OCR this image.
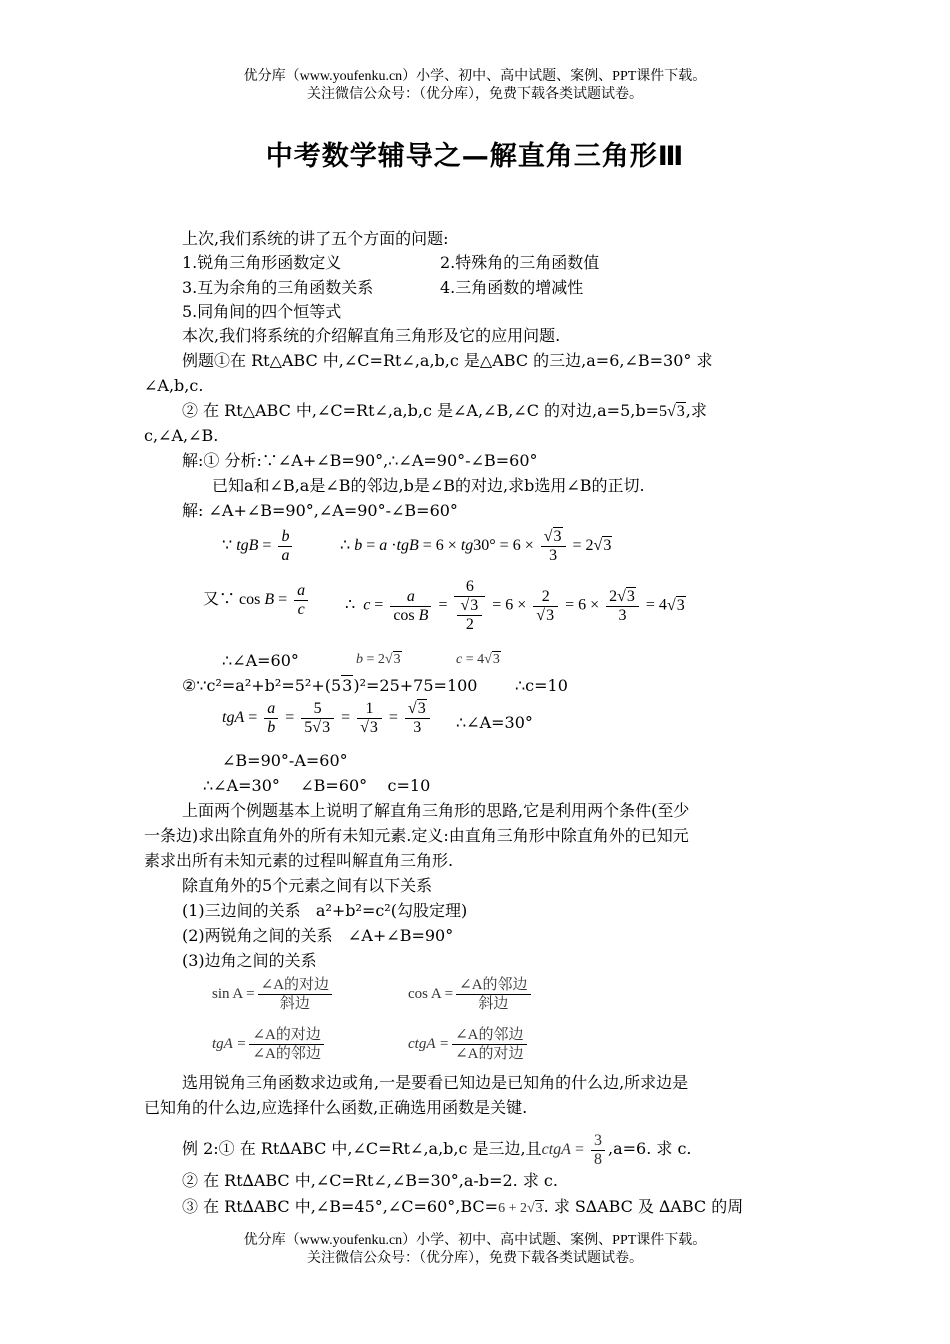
优分库（www.youfenku.cn）小学、初中、高中试题、案例、PPT课件下载。
关注微信公众号：（优分库），免费下载各类试题试卷。
中考数学辅导之—解直角三角形Ⅲ
上次,我们系统的讲了五个方面的问题:
1.锐角三角形函数定义	2.特殊角的三角函数值
3.互为余角的三角函数关系	4.三角函数的增减性
5.同角间的四个恒等式
本次,我们将系统的介绍解直角三角形及它的应用问题.
例题①在 Rt△ABC 中,∠C=Rt∠,a,b,c 是△ABC 的三边,a=6,∠B=30° 求
∠A,b,c.
② 在 Rt△ABC 中,∠C=Rt∠,a,b,c 是∠A,∠B,∠C 的对边,a=5,b=5√3,求
c,∠A,∠B.
解:① 分析:∵∠A+∠B=90°,∴∠A=90°-∠B=60°
已知a和∠B,a是∠B的邻边,b是∠B的对边,求b选用∠B的正切.
解: ∠A+∠B=90°,∠A=90°-∠B=60°
∵ tgB = $\frac{b}{a}$	∴ $b = a \cdot tgB = 6 \times tg30^\circ = 6 \times \frac{√3}{3} = 2√3$
又∵ $\cos B = \frac{a}{c}$ ∴  $c = \frac{a}{\text{cos B}} = \frac{6}{\frac{√3}{2}} = 6 \times \frac{2}{√3} = 6 \times \frac{2√3}{3} = 4√3$
∴∠A=60°	b = 2√3	c = 4√3
②∵c²=a²+b²=5²+(53)²=25+75=100 ∴c=10
tgA = $\frac{a}{b} = \frac{5}{5√3} = \frac{1}{√3} = \frac{√3}{3}$ ∴∠A=30°
∠B=90°-A=60°
∴∠A=30°    ∠B=60°    c=10
上面两个例题基本上说明了解直角三角形的思路,它是利用两个条件(至少
一条边)求出除直角外的所有未知元素.定义:由直角三角形中除直角外的已知元
素求出所有未知元素的过程叫解直角三角形.
除直角外的5个元素之间有以下关系
(1)三边间的关系   a²+b²=c²(勾股定理)
(2)两锐角之间的关系   ∠A+∠B=90°
(3)边角之间的关系
sin A =
∠A的对边
斜边
cos A =
∠A的邻边
斜边
tgA =
∠A的对边
∠A的邻边
ctgA =
∠A的邻边
∠A的对边
选用锐角三角函数求边或角,一是要看已知边是已知角的什么边,所求边是
已知角的什么边,应选择什么函数,正确选用函数是关键.
例 2:① 在 Rt∆ABC 中,∠C=Rt∠,a,b,c 是三边,且ctgA = $\frac{3}{8} ,a=6$. 求 c.
② 在 Rt∆ABC 中,∠C=Rt∠,∠B=30°,a-b=2. 求 c.
③ 在 Rt∆ABC 中,∠B=45°,∠C=60°,BC=6 + 2√3. 求 S∆ABC 及 ∆ABC 的周
优分库（www.youfenku.cn）小学、初中、高中试题、案例、PPT课件下载。
关注微信公众号：（优分库），免费下载各类试题试卷。
